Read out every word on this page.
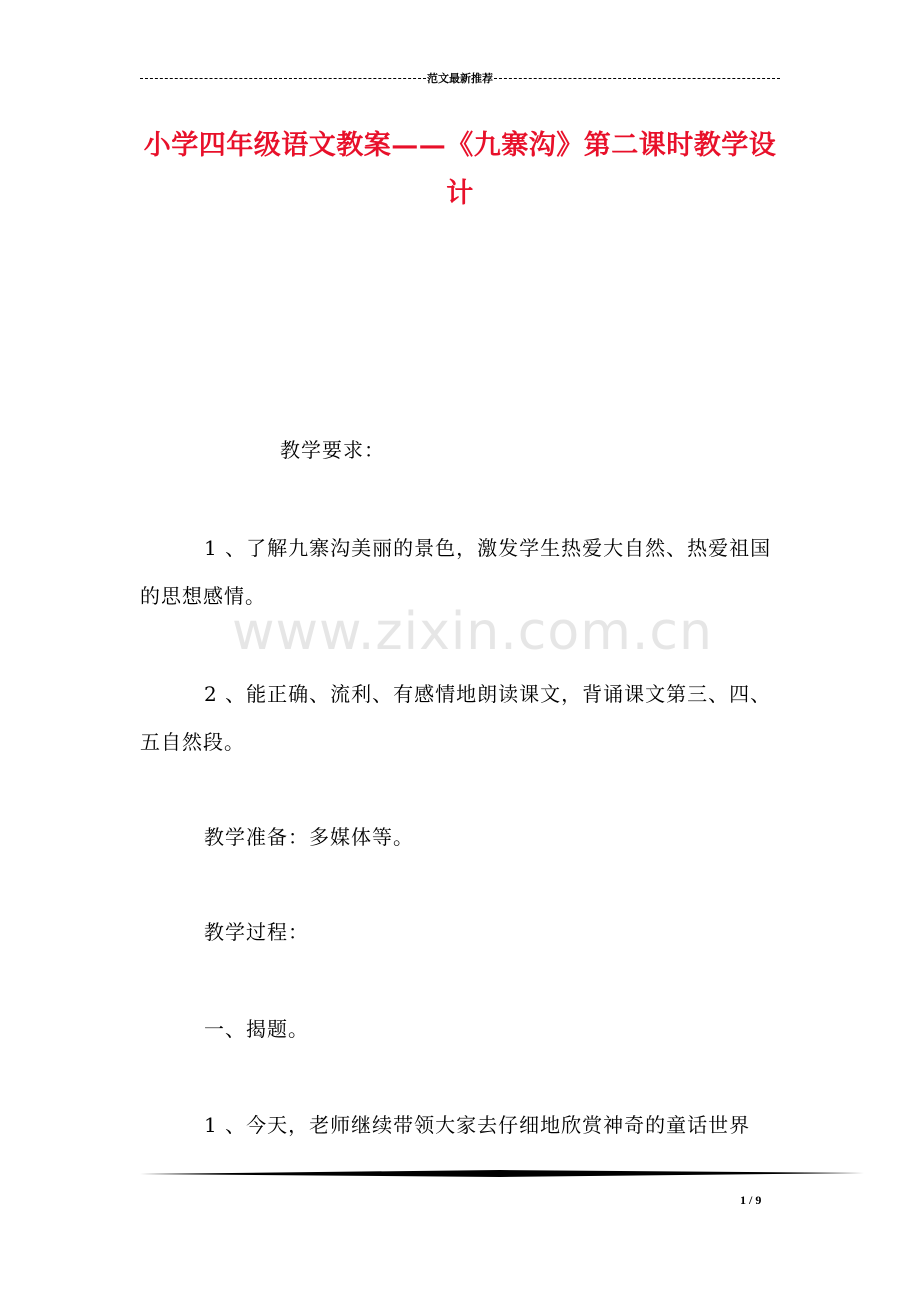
范文最新推荐
小学四年级语文教案——《九寨沟》第二课时教学设
计
教学要求：
1 、了解九寨沟美丽的景色，激发学生热爱大自然、热爱祖国的思想感情。
2 、能正确、流利、有感情地朗读课文，背诵课文第三、四、五自然段。
教学准备：多媒体等。
教学过程：
一、揭题。
1 、今天，老师继续带领大家去仔细地欣赏神奇的童话世界
www.zixin.com.cn
1 / 9
